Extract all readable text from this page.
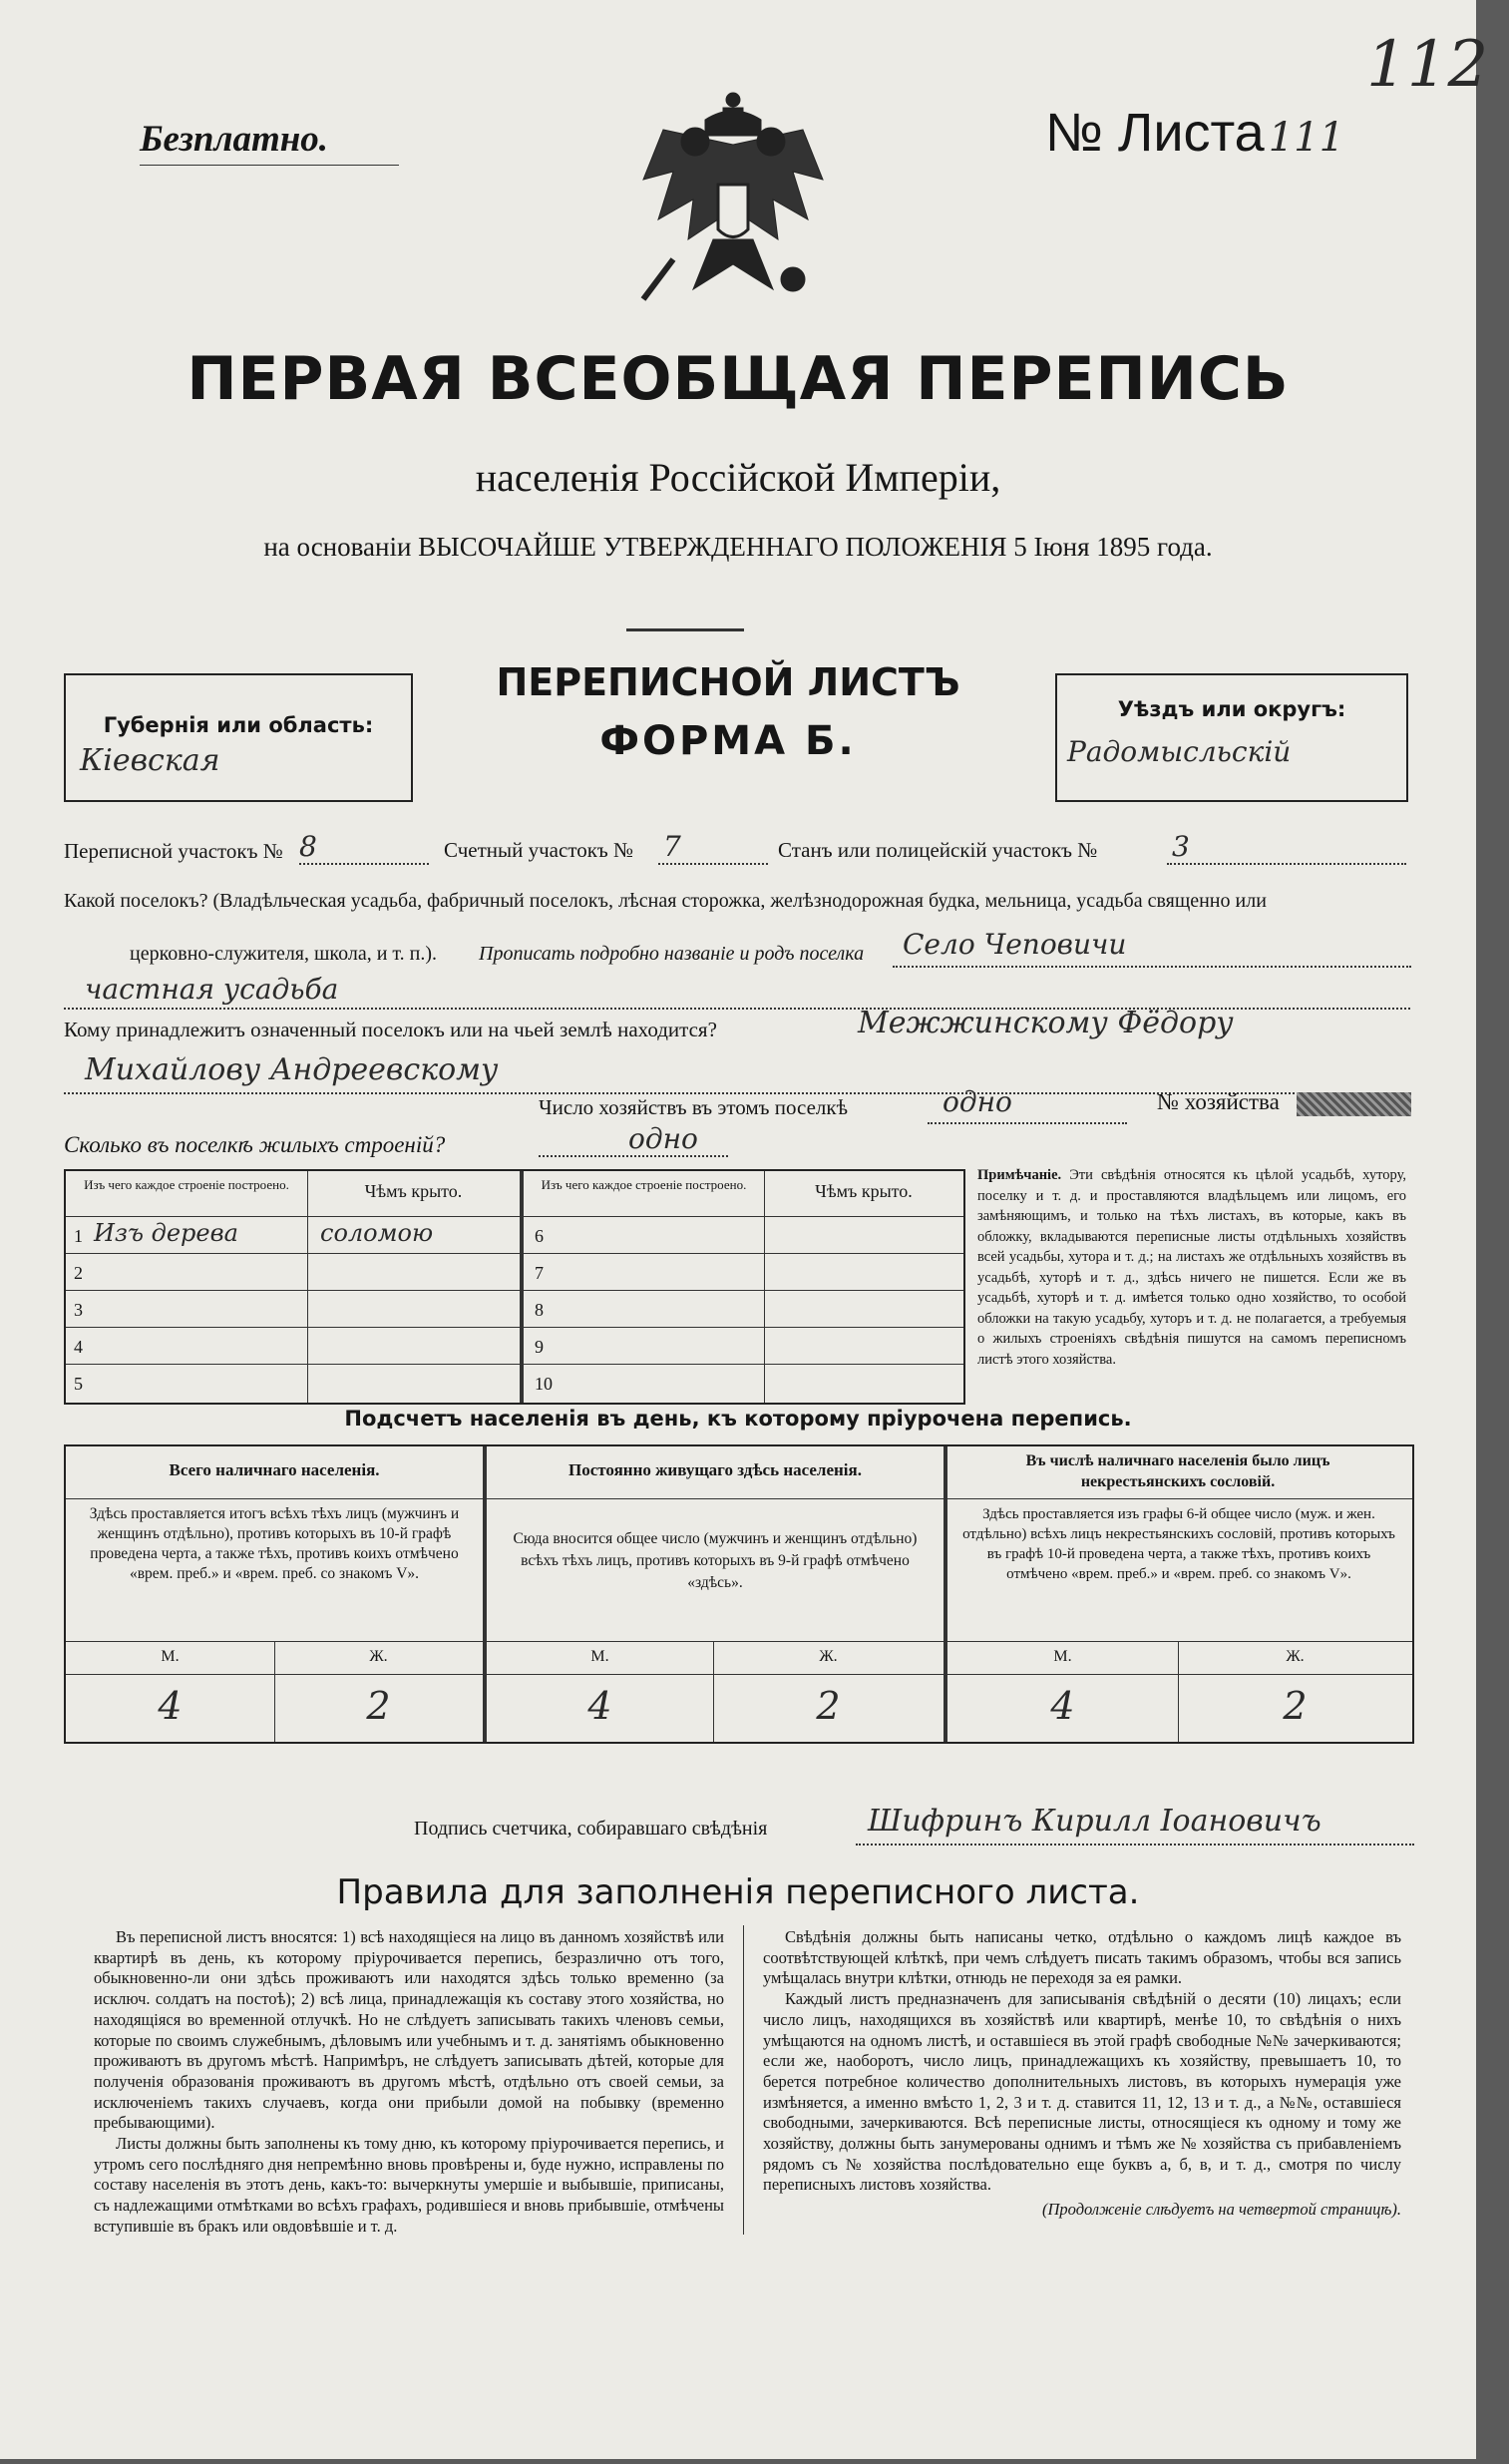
112
Безплатно.	№ Листа 111
ПЕРВАЯ ВСЕОБЩАЯ ПЕРЕПИСЬ
населенія Россійской Имперіи,
на основаніи ВЫСОЧАЙШЕ УТВЕРЖДЕННАГО ПОЛОЖЕНІЯ 5 Іюня 1895 года.
Губернія или область:
Кіевская
ПЕРЕПИСНОЙ ЛИСТЪ
ФОРМА Б.
Уѣздъ или округъ:
Радомысльскій
Переписной участокъ № 8	Счетный участокъ № 7	Станъ или полицейскій участокъ №	3
Какой поселокъ? (Владѣльческая усадьба, фабричный поселокъ, лѣсная сторожка, желѣзнодорожная будка, мельница, усадьба священно или
церковно-служителя, школа, и т. п.). Прописать подробно названіе и родъ поселка Село Чеповичи
частная усадьба
Кому принадлежитъ означенный поселокъ или на чьей землѣ находится?	Межжинскому Фёдору
Михайлову Андреевскому
Число хозяйствъ въ этомъ поселкѣ	одно	№ хозяйства
Сколько въ поселкѣ жилыхъ строеній?	одно
Изъ чего каждое строеніе построено.	Чѣмъ крыто.	Изъ чего каждое строеніе построено.	Чѣмъ крыто.
1 Изъ дерева	соломою
2
3
4
5
6
7
8
9
10
Примѣчаніе. Эти свѣдѣнія относятся къ цѣлой усадьбѣ, хутору, поселку и т. д. и проставляются владѣльцемъ или лицомъ, его замѣняющимъ, и только на тѣхъ листахъ, въ которые, какъ въ обложку, вкладываются переписные листы отдѣльныхъ хозяйствъ всей усадьбы, хутора и т. д.; на листахъ же отдѣльныхъ хозяйствъ въ усадьбѣ, хуторѣ и т. д., здѣсь ничего не пишется. Если же въ усадьбѣ, хуторѣ и т. д. имѣется только одно хозяйство, то особой обложки на такую усадьбу, хуторъ и т. д. не полагается, а требуемыя о жилыхъ строеніяхъ свѣдѣнія пишутся на самомъ переписномъ листѣ этого хозяйства.
Подсчетъ населенія въ день, къ которому пріурочена перепись.
Всего наличнаго населенія.
Здѣсь проставляется итогъ всѣхъ тѣхъ лицъ (мужчинъ и женщинъ отдѣльно), противъ которыхъ въ 10-й графѣ проведена черта, а также тѣхъ, противъ коихъ отмѣчено «врем. преб.» и «врем. преб. со знакомъ V».
М.	Ж.
4	2
Постоянно живущаго здѣсь населенія.
Сюда вносится общее число (мужчинъ и женщинъ отдѣльно) всѣхъ тѣхъ лицъ, противъ которыхъ въ 9-й графѣ отмѣчено «здѣсь».
М.	Ж.
4	2
Въ числѣ наличнаго населенія было лицъ некрестьянскихъ сословій.
Здѣсь проставляется изъ графы 6-й общее число (муж. и жен. отдѣльно) всѣхъ лицъ некрестьянскихъ сословій, противъ которыхъ въ графѣ 10-й проведена черта, а также тѣхъ, противъ коихъ отмѣчено «врем. преб.» и «врем. преб. со знакомъ V».
М.	Ж.
4	2
Подпись счетчика, собиравшаго свѣдѣнія	Шифринъ Кирилл Іоановичъ
Правила для заполненія переписного листа.
Въ переписной листъ вносятся: 1) всѣ находящіеся на лицо въ данномъ хозяйствѣ или квартирѣ въ день, къ которому пріурочивается перепись, безразлично отъ того, обыкновенно-ли они здѣсь проживаютъ или находятся здѣсь только временно (за исключ. солдатъ на постоѣ); 2) всѣ лица, принадлежащія къ составу этого хозяйства, но находящіяся во временной отлучкѣ. Но не слѣдуетъ записывать такихъ членовъ семьи, которые по своимъ служебнымъ, дѣловымъ или учебнымъ и т. д. занятіямъ обыкновенно проживаютъ въ другомъ мѣстѣ. Напримѣръ, не слѣдуетъ записывать дѣтей, которые для полученія образованія проживаютъ въ другомъ мѣстѣ, отдѣльно отъ своей семьи, за исключеніемъ такихъ случаевъ, когда они прибыли домой на побывку (временно пребывающими).
Листы должны быть заполнены къ тому дню, къ которому пріурочивается перепись, и утромъ сего послѣдняго дня непремѣнно вновь провѣрены и, буде нужно, исправлены по составу населенія въ этотъ день, какъ-то: вычеркнуты умершіе и выбывшіе, приписаны, съ надлежащими отмѣтками во всѣхъ графахъ, родившіеся и вновь прибывшіе, отмѣчены вступившіе въ бракъ или овдовѣвшіе и т. д.
Свѣдѣнія должны быть написаны четко, отдѣльно о каждомъ лицѣ каждое въ соотвѣтствующей клѣткѣ, при чемъ слѣдуетъ писать такимъ образомъ, чтобы вся запись умѣщалась внутри клѣтки, отнюдь не переходя за ея рамки.
Каждый листъ предназначенъ для записыванія свѣдѣній о десяти (10) лицахъ; если число лицъ, находящихся въ хозяйствѣ или квартирѣ, менѣе 10, то свѣдѣнія о нихъ умѣщаются на одномъ листѣ, и оставшіеся въ этой графѣ свободные №№ зачеркиваются; если же, наоборотъ, число лицъ, принадлежащихъ къ хозяйству, превышаетъ 10, то берется потребное количество дополнительныхъ листовъ, въ которыхъ нумерація уже измѣняется, а именно вмѣсто 1, 2, 3 и т. д. ставится 11, 12, 13 и т. д., а №№, оставшіеся свободными, зачеркиваются. Всѣ переписные листы, относящіеся къ одному и тому же хозяйству, должны быть занумерованы однимъ и тѣмъ же № хозяйства съ прибавленіемъ рядомъ съ № хозяйства послѣдовательно еще буквъ а, б, в, и т. д., смотря по числу переписныхъ листовъ хозяйства.
(Продолженіе слѣдуетъ на четвертой страницѣ).
